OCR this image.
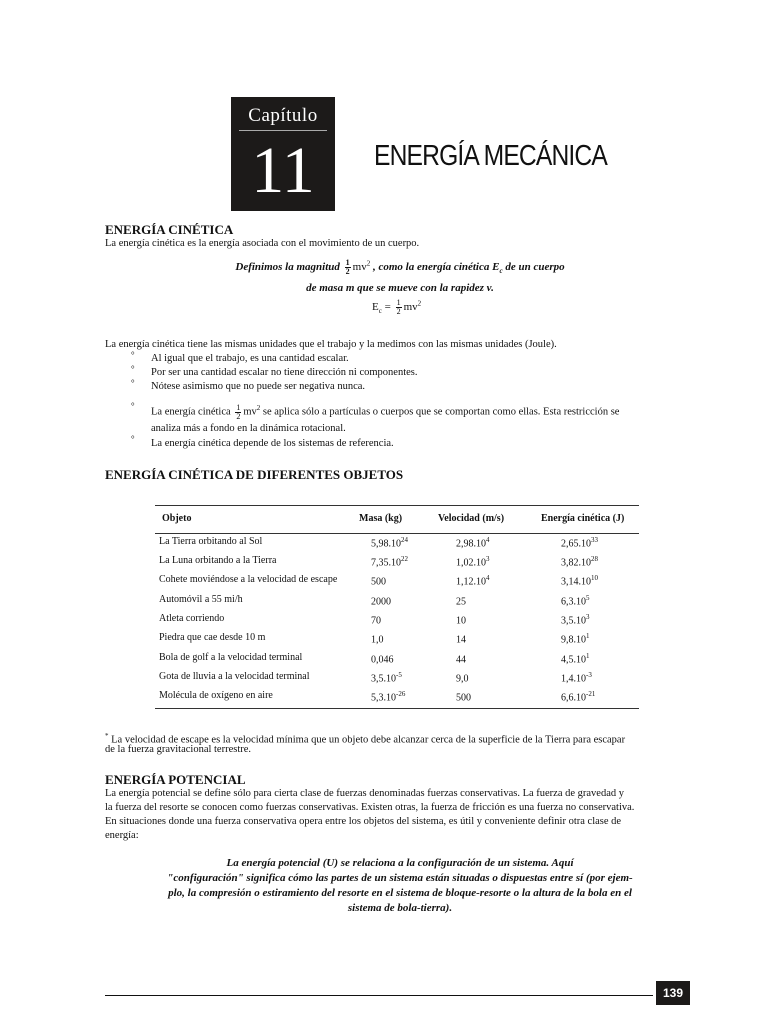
Capítulo
11	ENERGÍA MECÁNICA
ENERGÍA CINÉTICA
La energía cinética es la energía asociada con el movimiento de un cuerpo.
Definimos la magnitud $\frac{1}{2} mv^2$ , como la energía cinética $E_c$ de un cuerpo
de masa m que se mueve con la rapidez v.
$E_c = \frac{1}{2} mv^2$
La energía cinética tiene las mismas unidades que el trabajo y la medimos con las mismas unidades (Joule).
° Al igual que el trabajo, es una cantidad escalar.
° Por ser una cantidad escalar no tiene dirección ni componentes.
° Nótese asimismo que no puede ser negativa nunca.
°
La energía cinética $\frac{1}{2} mv^2$ se aplica sólo a partículas o cuerpos que se comportan como ellas. Esta restricción se
analiza más a fondo en la dinámica rotacional.
° La energía cinética depende de los sistemas de referencia.
ENERGÍA CINÉTICA DE DIFERENTES OBJETOS
Objeto	Masa (kg)	Velocidad (m/s)	Energía cinética (J)
La Tierra orbitando al Sol	5,98.10$^{24}$	2,98.10$^4$	2,65.10$^{33}$
La Luna orbitando a la Tierra	7,35.10$^{22}$	1,02.10$^3$	3,82.10$^{28}$
Cohete moviéndose a la velocidad de escape	500	1,12.10$^4$	3,14.10$^{10}$
Automóvil a 55 mi/h	2000	25	6,3.10$^5$
Atleta corriendo	70	10	3,5.10$^3$
Piedra que cae desde 10 m	1,0	14	9,8.10$^1$
Bola de golf a la velocidad terminal	0,046	44	4,5.10$^1$
Gota de lluvia a la velocidad terminal	$3,5.10^{-5}$	9,0	$1,4.10^{-3}$
Molécula de oxígeno en aire	$5,3.10^{-26}$	500	$6,6.10^{-21}$
* La velocidad de escape es la velocidad mínima que un objeto debe alcanzar cerca de la superficie de la Tierra para escapar
de la fuerza gravitacional terrestre.
ENERGÍA POTENCIAL
La energía potencial se define sólo para cierta clase de fuerzas denominadas fuerzas conservativas. La fuerza de gravedad y
la fuerza del resorte se conocen como fuerzas conservativas. Existen otras, la fuerza de fricción es una fuerza no conservativa.
En situaciones donde una fuerza conservativa opera entre los objetos del sistema, es útil y conveniente definir otra clase de
energía:
La energía potencial (U) se relaciona a la configuración de un sistema. Aquí
"configuración" significa cómo las partes de un sistema están situadas o dispuestas entre sí (por ejem-
plo, la compresión o estiramiento del resorte en el sistema de bloque-resorte o la altura de la bola en el
sistema de bola-tierra).
139
